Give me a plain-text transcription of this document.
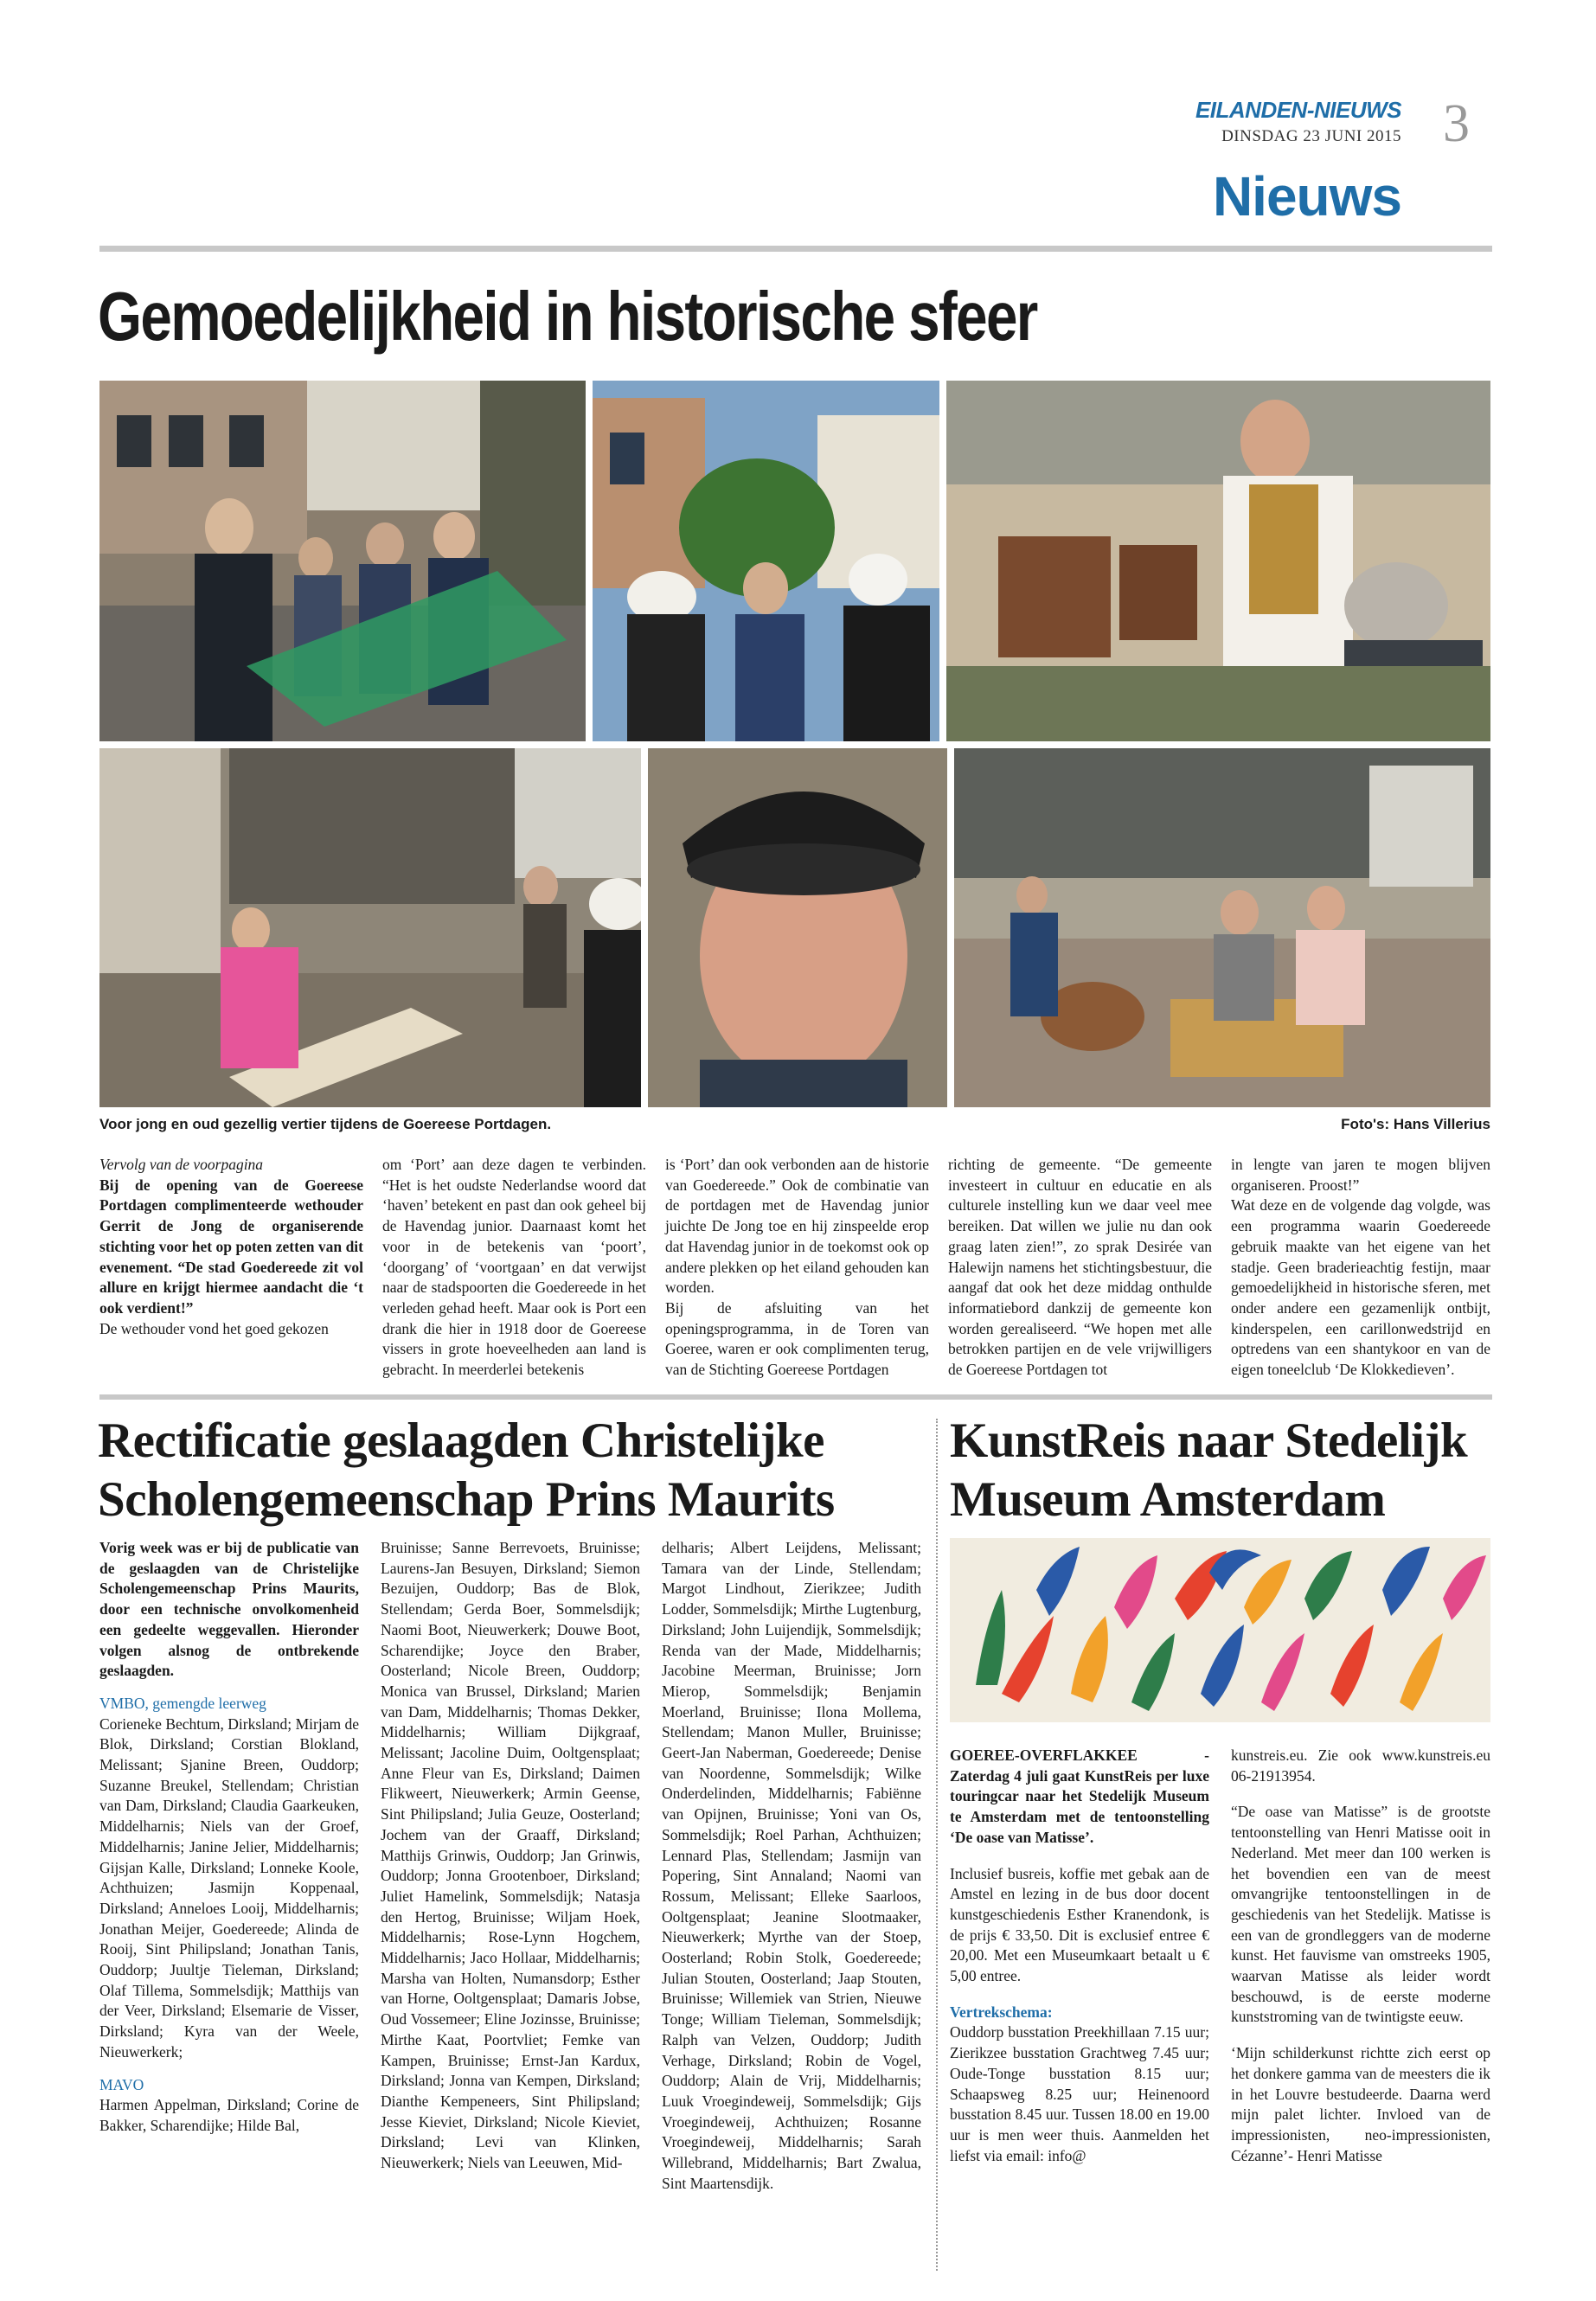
EILANDEN-NIEUWS
DINSDAG 23 JUNI 2015 3
Nieuws
Gemoedelijkheid in historische sfeer
Voor jong en oud gezellig vertier tijdens de Goereese Portdagen.	Foto's: Hans Villerius

Vervolg van de voorpagina

Bij de opening van de Goereese Portdagen complimenteerde wethouder Gerrit de Jong de organiserende stichting voor het op poten zetten van dit evenement. “De stad Goedereede zit vol allure en krijgt hiermee aandacht die ‘t ook verdient!”

De wethouder vond het goed gekozen

om ‘Port’ aan deze dagen te verbinden. “Het is het oudste Nederlandse woord dat ‘haven’ betekent en past dan ook geheel bij de Havendag junior. Daarnaast komt het voor in de betekenis van ‘poort’, ‘doorgang’ of ‘voortgaan’ en dat verwijst naar de stadspoorten die Goedereede in het verleden gehad heeft. Maar ook is Port een drank die hier in 1918 door de Goereese vissers in grote hoeveelheden aan land is gebracht. In meerderlei betekenis

is ‘Port’ dan ook verbonden aan de historie van Goedereede.” Ook de combinatie van de portdagen met de Havendag junior juichte De Jong toe en hij zinspeelde erop dat Havendag junior in de toekomst ook op andere plekken op het eiland gehouden kan worden.

Bij de afsluiting van het openingsprogramma, in de Toren van Goeree, waren er ook complimenten terug, van de Stichting Goereese Portdagen

richting de gemeente. “De gemeente investeert in cultuur en educatie en als culturele instelling kun we daar veel mee bereiken. Dat willen we julie nu dan ook graag laten zien!”, zo sprak Desirée van Halewijn namens het stichtingsbestuur, die aangaf dat ook het deze middag onthulde informatiebord dankzij de gemeente kon worden gerealiseerd. “We hopen met alle betrokken partijen en de vele vrijwilligers de Goereese Portdagen tot

in lengte van jaren te mogen blijven organiseren. Proost!”

Wat deze en de volgende dag volgde, was een programma waarin Goedereede gebruik maakte van het eigene van het stadje. Geen braderieachtig festijn, maar gemoedelijkheid in historische sferen, met onder andere een gezamenlijk ontbijt, kinderspelen, een carillonwedstrijd en optredens van een shantykoor en van de eigen toneelclub ‘De Klokkedieven’.

Rectificatie geslaagden Christelijke Scholengemeenschap Prins Maurits

Vorig week was er bij de publicatie van de geslaagden van de Christelijke Scholengemeenschap Prins Maurits, door een technische onvolkomenheid een gedeelte weggevallen. Hieronder volgen alsnog de ontbrekende geslaagden.

VMBO, gemengde leerweg

Corieneke Bechtum, Dirksland; Mirjam de Blok, Dirksland; Corstian Blokland, Melissant; Sjanine Breen, Ouddorp; Suzanne Breukel, Stellendam; Christian van Dam, Dirksland; Claudia Gaarkeuken, Middelharnis; Niels van der Groef, Middelharnis; Janine Jelier, Middelharnis; Gijsjan Kalle, Dirksland; Lonneke Koole, Achthuizen; Jasmijn Koppenaal, Dirksland; Anneloes Looij, Middelharnis; Jonathan Meijer, Goedereede; Alinda de Rooij, Sint Philipsland; Jonathan Tanis, Ouddorp; Juultje Tieleman, Dirksland; Olaf Tillema, Sommelsdijk; Matthijs van der Veer, Dirksland; Elsemarie de Visser, Dirksland; Kyra van der Weele, Nieuwerkerk;

MAVO

Harmen Appelman, Dirksland; Corine de Bakker, Scharendijke; Hilde Bal,

Bruinisse; Sanne Berrevoets, Bruinisse; Laurens-Jan Besuyen, Dirksland; Siemon Bezuijen, Ouddorp; Bas de Blok, Stellendam; Gerda Boer, Sommelsdijk; Naomi Boot, Nieuwerkerk; Douwe Boot, Scharendijke; Joyce den Braber, Oosterland; Nicole Breen, Ouddorp; Monica van Brussel, Dirksland; Marien van Dam, Middelharnis; Thomas Dekker, Middelharnis; William Dijkgraaf, Melissant; Jacoline Duim, Ooltgensplaat; Anne Fleur van Es, Dirksland; Daimen Flikweert, Nieuwerkerk; Armin Geense, Sint Philipsland; Julia Geuze, Oosterland; Jochem van der Graaff, Dirksland; Matthijs Grinwis, Ouddorp; Jan Grinwis, Ouddorp; Jonna Grootenboer, Dirksland; Juliet Hamelink, Sommelsdijk; Natasja den Hertog, Bruinisse; Wiljam Hoek, Middelharnis; Rose-Lynn Hogchem, Middelharnis; Jaco Hollaar, Middelharnis; Marsha van Holten, Numansdorp; Esther van Horne, Ooltgensplaat; Damaris Jobse, Oud Vossemeer; Eline Jozinsse, Bruinisse; Mirthe Kaat, Poortvliet; Femke van Kampen, Bruinisse; Ernst-Jan Kardux, Dirksland; Jonna van Kempen, Dirksland; Dianthe Kempeneers, Sint Philipsland; Jesse Kieviet, Dirksland; Nicole Kieviet, Dirksland; Levi van Klinken, Nieuwerkerk; Niels van Leeuwen, Mid-

delharis; Albert Leijdens, Melissant; Tamara van der Linde, Stellendam; Margot Lindhout, Zierikzee; Judith Lodder, Sommelsdijk; Mirthe Lugtenburg, Dirksland; John Luijendijk, Sommelsdijk; Renda van der Made, Middelharnis; Jacobine Meerman, Bruinisse; Jorn Mierop, Sommelsdijk; Benjamin Moerland, Bruinisse; Ilona Mollema, Stellendam; Manon Muller, Bruinisse; Geert-Jan Naberman, Goedereede; Denise van Noordenne, Sommelsdijk; Wilke Onderdelinden, Middelharnis; Fabiënne van Opijnen, Bruinisse; Yoni van Os, Sommelsdijk; Roel Parhan, Achthuizen; Lennard Plas, Stellendam; Jasmijn van Popering, Sint Annaland; Naomi van Rossum, Melissant; Elleke Saarloos, Ooltgensplaat; Jeanine Slootmaaker, Nieuwerkerk; Myrthe van der Stoep, Oosterland; Robin Stolk, Goedereede; Julian Stouten, Oosterland; Jaap Stouten, Bruinisse; Willemiek van Strien, Nieuwe Tonge; William Tieleman, Sommelsdijk; Ralph van Velzen, Ouddorp; Judith Verhage, Dirksland; Robin de Vogel, Ouddorp; Alain de Vrij, Middelharnis; Luuk Vroegindeweij, Sommelsdijk; Gijs Vroegindeweij, Achthuizen; Rosanne Vroegindeweij, Middelharnis; Sarah Willebrand, Middelharnis; Bart Zwalua, Sint Maartensdijk.

KunstReis naar Stedelijk Museum Amsterdam

GOEREE-OVERFLAKKEE - Zaterdag 4 juli gaat KunstReis per luxe touringcar naar het Stedelijk Museum te Amsterdam met de tentoonstelling ‘De oase van Matisse’.

Inclusief busreis, koffie met gebak aan de Amstel en lezing in de bus door docent kunstgeschiedenis Esther Kranendonk, is de prijs € 33,50. Dit is exclusief entree € 20,00. Met een Museumkaart betaalt u € 5,00 entree.

Vertrekschema:

Ouddorp busstation Preekhillaan 7.15 uur; Zierikzee busstation Grachtweg 7.45 uur; Oude-Tonge busstation 8.15 uur; Schaapsweg 8.25 uur; Heinenoord busstation 8.45 uur. Tussen 18.00 en 19.00 uur is men weer thuis. Aanmelden het liefst via email: info@

kunstreis.eu. Zie ook www.kunstreis.eu 06-21913954.

“De oase van Matisse” is de grootste tentoonstelling van Henri Matisse ooit in Nederland. Met meer dan 100 werken is het bovendien een van de meest omvangrijke tentoonstellingen in de geschiedenis van het Stedelijk. Matisse is een van de grondleggers van de moderne kunst. Het fauvisme van omstreeks 1905, waarvan Matisse als leider wordt beschouwd, is de eerste moderne kunststroming van de twintigste eeuw.

‘Mijn schilderkunst richtte zich eerst op het donkere gamma van de meesters die ik in het Louvre bestudeerde. Daarna werd mijn palet lichter. Invloed van de impressionisten, neo-impressionisten, Cézanne’- Henri Matisse
